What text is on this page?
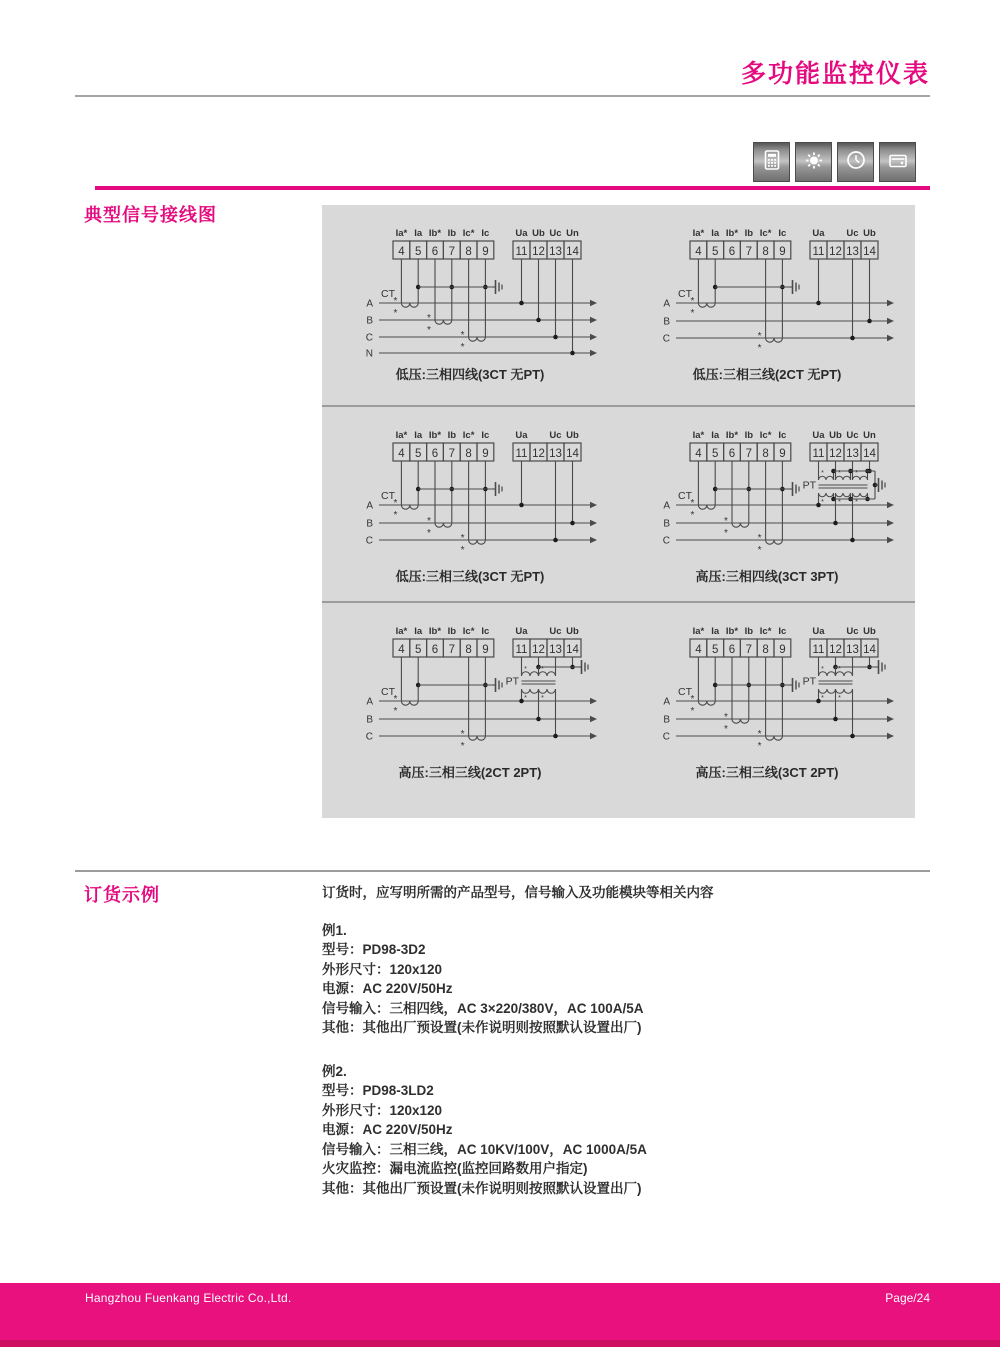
多功能监控仪表
典型信号接线图
4
Ia*
5
Ia
6
Ib*
7
Ib
8
Ic*
9
Ic
11
Ua
12
Ub
13
Uc
14
Un
A
B
C
N
*
*	*
*	*
*
CT
低压:三相四线(3CT 无PT)
4
Ia*
5
Ia
6
Ib*
7
Ib
8
Ic*
9
Ic
11
Ua
12 13
Uc
14
Ub
A
B
C
*
*
*
*
CT
低压:三相三线(2CT 无PT)
4
Ia*
5
Ia
6
Ib*
7
Ib
8
Ic*
9
Ic
11
Ua
12 13
Uc
14
Ub
A
B
C
*
*
*
*	*
*
CT
低压:三相三线(3CT 无PT)
4
Ia*
5
Ia
6
Ib*
7
Ib
8
Ic*
9
Ic
11
Ua
12
Ub
13
Uc
14
Un
A
B
C
*
*
*
*	*
*
CT
*
*
*
*
*
*
PT
高压:三相四线(3CT 3PT)
4
Ia*
5
Ia
6
Ib*
7
Ib
8
Ic*
9
Ic
11
Ua
12 13
Uc
14
Ub
A
B
C
*
*
*
*
CT
*
*
*
*
PT
高压:三相三线(2CT 2PT)
4
Ia*
5
Ia
6
Ib*
7
Ib
8
Ic*
9
Ic
11
Ua
12 13
Uc
14
Ub
A
B
C
*
*
*
*	*
*
CT
*
*
*
*
PT
高压:三相三线(3CT 2PT)
订货示例	订货时，应写明所需的产品型号，信号输入及功能模块等相关内容

例1.
型号：PD98-3D2
外形尺寸：120x120
电源：AC 220V/50Hz
信号输入：三相四线，AC 3×220/380V，AC 100A/5A
其他：其他出厂预设置(未作说明则按照默认设置出厂)
例2.
型号：PD98-3LD2
外形尺寸：120x120
电源：AC 220V/50Hz
信号输入：三相三线，AC 10KV/100V，AC 1000A/5A
火灾监控：漏电流监控(监控回路数用户指定)
其他：其他出厂预设置(未作说明则按照默认设置出厂)
Hangzhou Fuenkang Electric Co.,Ltd.	Page/24
